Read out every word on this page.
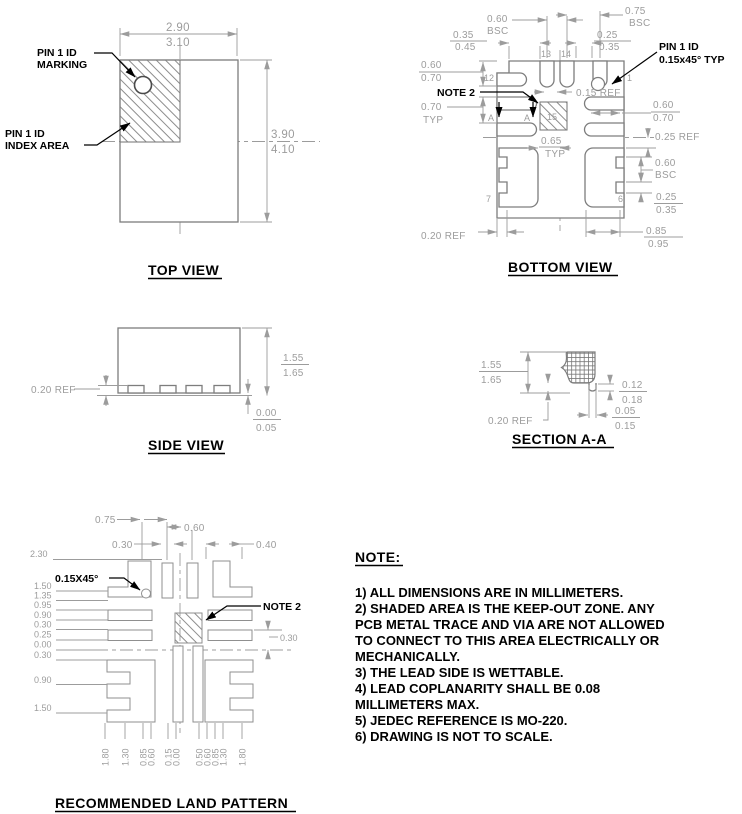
2.90
3.10
3.90
4.10
PIN 1 ID
MARKING
PIN 1 ID
INDEX AREA
TOP VIEW
15
A	A
0.60
BSC
0.75
BSC
0.35
0.45
0.25
0.35
13 14
0.60
0.70	12	1
0.15 REF
0.70
TYP
0.60
0.70
0.25 REF
0.65
TYP
0.60
BSC
0.25
0.35
0.85
0.95
0.20 REF
7	6
PIN 1 ID
0.15x45° TYP
NOTE 2
BOTTOM VIEW
0.20 REF
1.55
1.65
0.00
0.05
SIDE VIEW
1.55
1.65
0.20 REF
0.12
0.18
0.05
0.15
SECTION A-A
0.75
0.60
0.30	0.40
2.30
1.50
1.35
0.95
0.90
0.30
0.25
0.00
0.30
0.90
1.50
1.80 1.30 0.85
0.60 0.15
0.00 0.50
0.60
0.85
1.30 1.80
0.30
0.15X45°
NOTE 2
RECOMMENDED LAND PATTERN
NOTE:
1) ALL DIMENSIONS ARE IN MILLIMETERS.
2) SHADED AREA IS THE KEEP-OUT ZONE. ANY
PCB METAL TRACE AND VIA ARE NOT ALLOWED
TO CONNECT TO THIS AREA ELECTRICALLY OR
MECHANICALLY.
3) THE LEAD SIDE IS WETTABLE.
4) LEAD COPLANARITY SHALL BE 0.08
MILLIMETERS MAX.
5) JEDEC REFERENCE IS MO-220.
6) DRAWING IS NOT TO SCALE.
